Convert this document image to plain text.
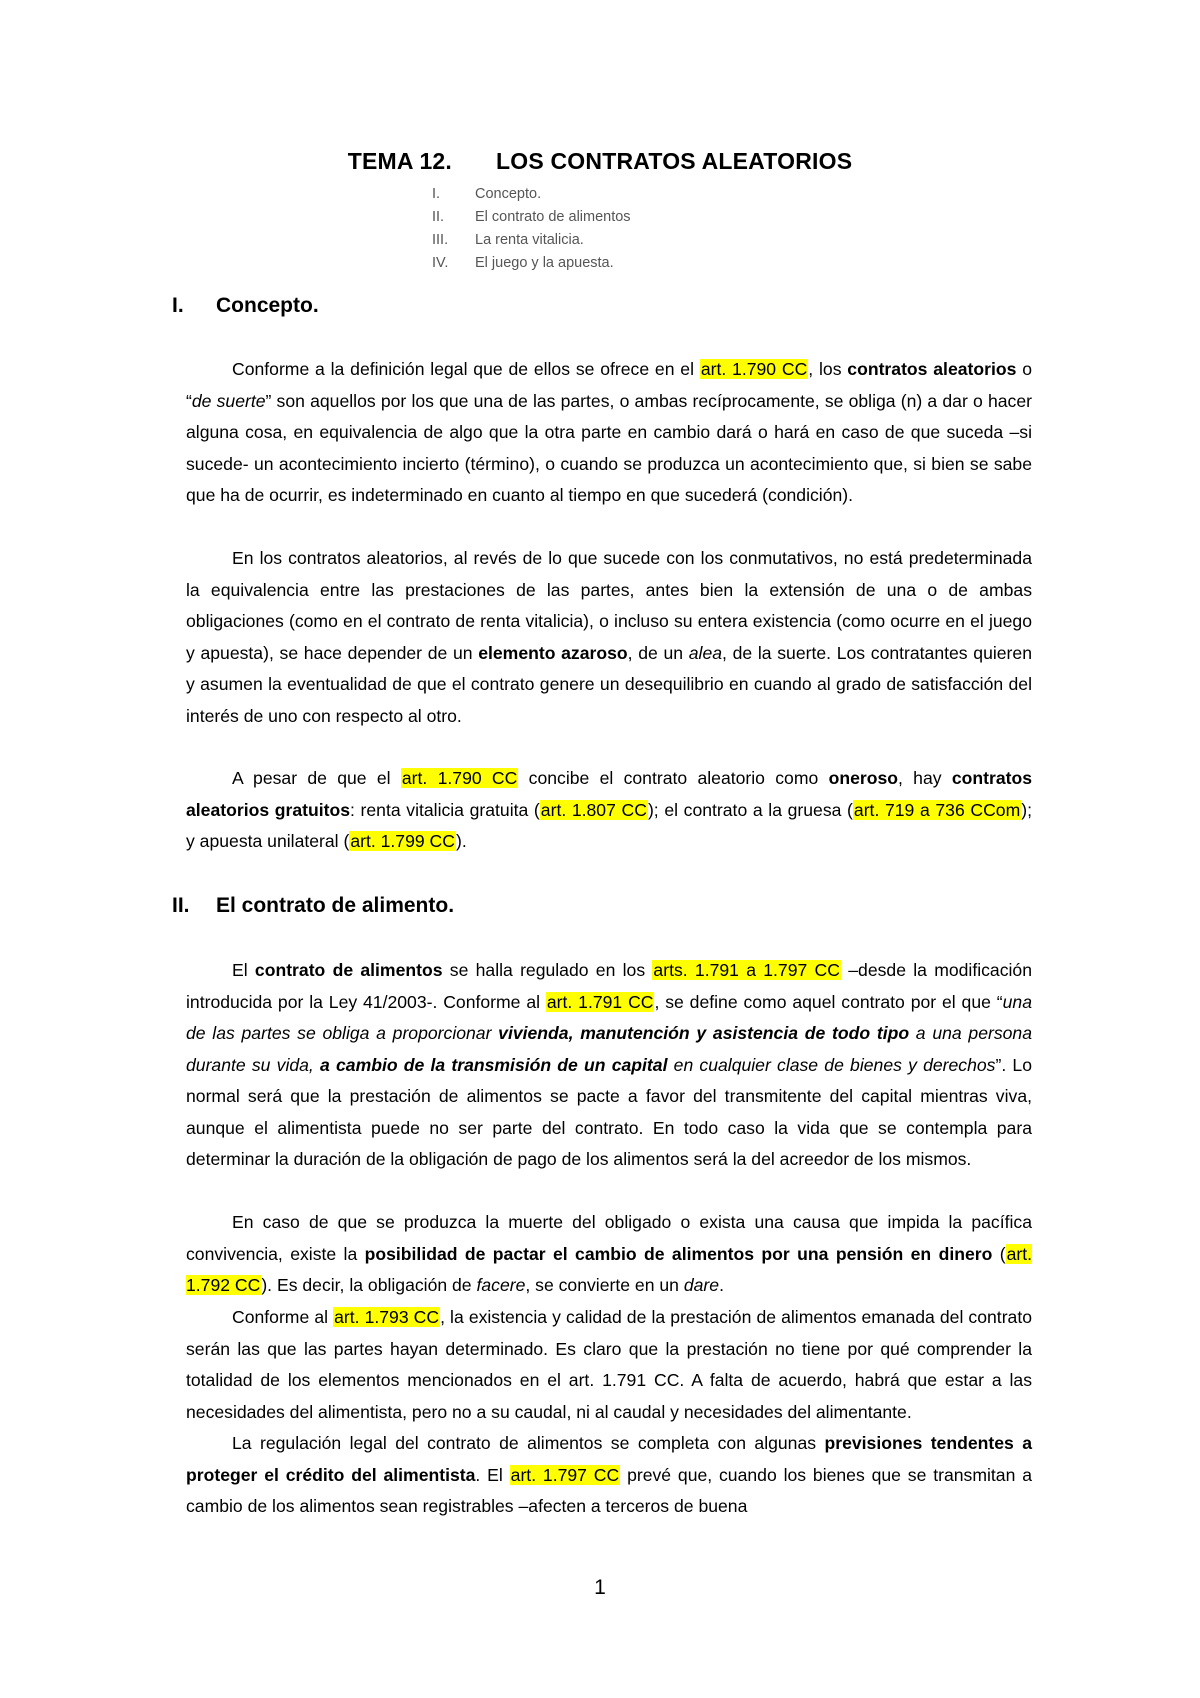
TEMA 12. LOS CONTRATOS ALEATORIOS
I.	Concepto.
II.	El contrato de alimentos
III.	La renta vitalicia.
IV.	El juego y la apuesta.
I.	Concepto.

Conforme a la definición legal que de ellos se ofrece en el art. 1.790 CC, los contratos aleatorios o “de suerte” son aquellos por los que una de las partes, o ambas recíprocamente, se obliga (n) a dar o hacer alguna cosa, en equivalencia de algo que la otra parte en cambio dará o hará en caso de que suceda –si sucede- un acontecimiento incierto (término), o cuando se produzca un acontecimiento que, si bien se sabe que ha de ocurrir, es indeterminado en cuanto al tiempo en que sucederá (condición).

En los contratos aleatorios, al revés de lo que sucede con los conmutativos, no está predeterminada la equivalencia entre las prestaciones de las partes, antes bien la extensión de una o de ambas obligaciones (como en el contrato de renta vitalicia), o incluso su entera existencia (como ocurre en el juego y apuesta), se hace depender de un elemento azaroso, de un alea, de la suerte. Los contratantes quieren y asumen la eventualidad de que el contrato genere un desequilibrio en cuando al grado de satisfacción del interés de uno con respecto al otro.

A pesar de que el art. 1.790 CC concibe el contrato aleatorio como oneroso, hay contratos aleatorios gratuitos: renta vitalicia gratuita (art. 1.807 CC); el contrato a la gruesa (art. 719 a 736 CCom); y apuesta unilateral (art. 1.799 CC).

II.	El contrato de alimento.

El contrato de alimentos se halla regulado en los arts. 1.791 a 1.797 CC –desde la modificación introducida por la Ley 41/2003-. Conforme al art. 1.791 CC, se define como aquel contrato por el que “una de las partes se obliga a proporcionar vivienda, manutención y asistencia de todo tipo a una persona durante su vida, a cambio de la transmisión de un capital en cualquier clase de bienes y derechos”. Lo normal será que la prestación de alimentos se pacte a favor del transmitente del capital mientras viva, aunque el alimentista puede no ser parte del contrato. En todo caso la vida que se contempla para determinar la duración de la obligación de pago de los alimentos será la del acreedor de los mismos.

En caso de que se produzca la muerte del obligado o exista una causa que impida la pacífica convivencia, existe la posibilidad de pactar el cambio de alimentos por una pensión en dinero (art. 1.792 CC). Es decir, la obligación de facere, se convierte en un dare.

Conforme al art. 1.793 CC, la existencia y calidad de la prestación de alimentos emanada del contrato serán las que las partes hayan determinado. Es claro que la prestación no tiene por qué comprender la totalidad de los elementos mencionados en el art. 1.791 CC. A falta de acuerdo, habrá que estar a las necesidades del alimentista, pero no a su caudal, ni al caudal y necesidades del alimentante.

La regulación legal del contrato de alimentos se completa con algunas previsiones tendentes a proteger el crédito del alimentista. El art. 1.797 CC prevé que, cuando los bienes que se transmitan a cambio de los alimentos sean registrables –afecten a terceros de buena

1
